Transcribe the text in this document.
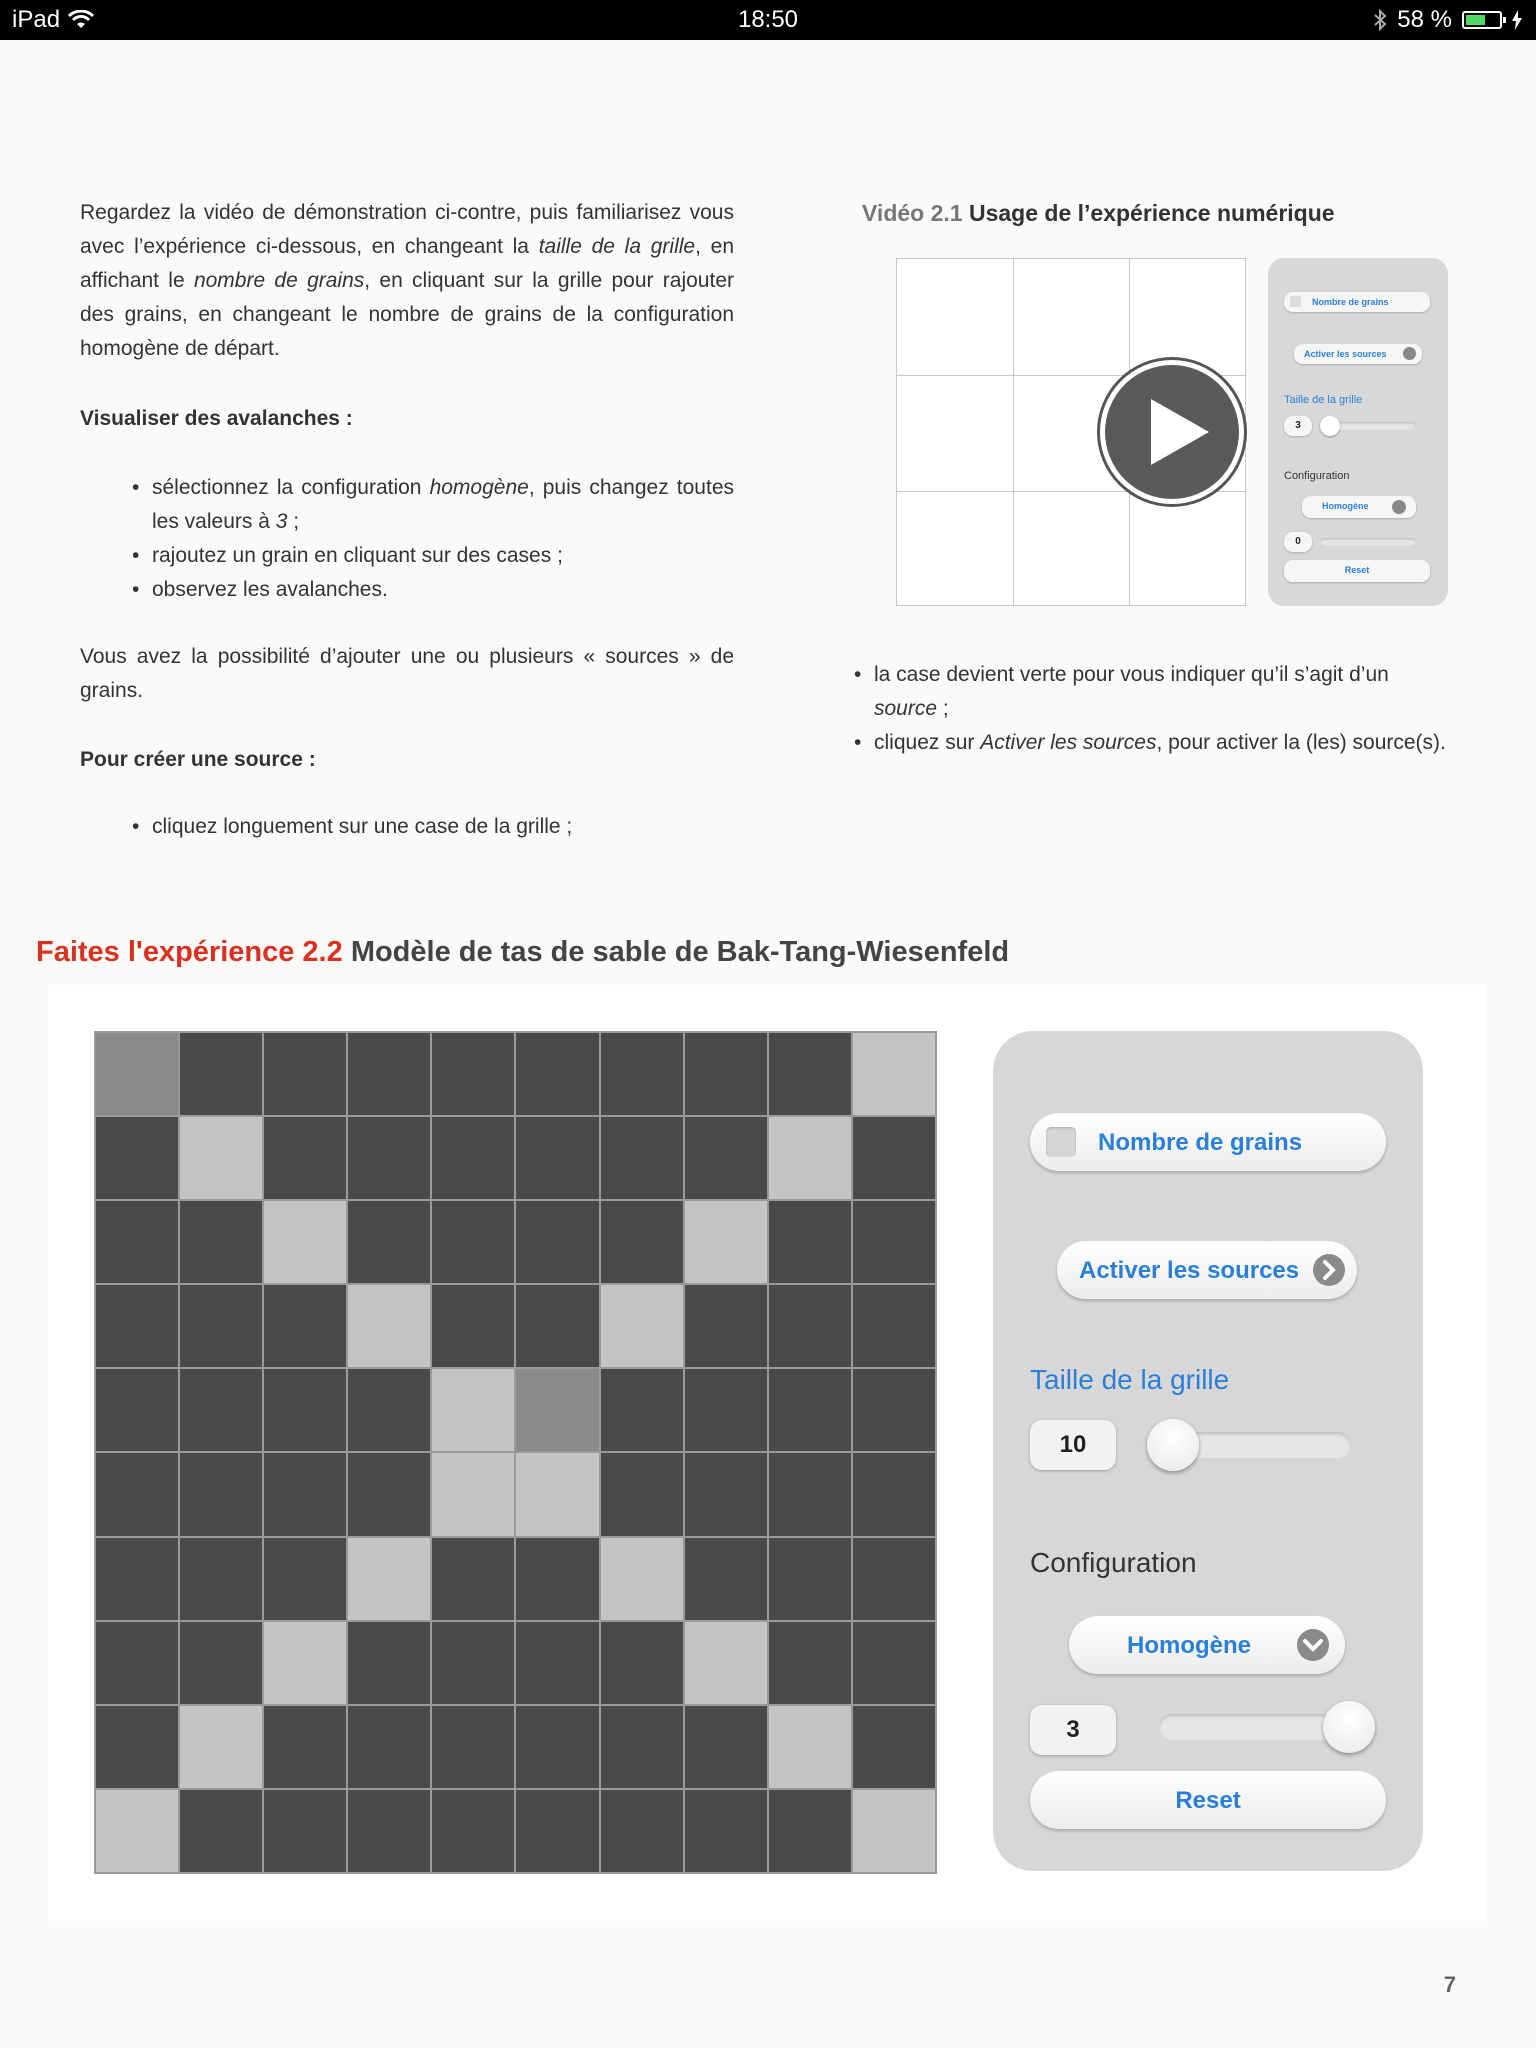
iPad	18:50	58 %
Regardez la vidéo de démonstration ci-contre, puis familiarisez vous avec l’expérience ci-dessous, en changeant la taille de la grille, en affichant le nombre de grains, en cliquant sur la grille pour rajouter des grains, en changeant le nombre de grains de la configuration homogène de départ.
Visualiser des avalanches :
• sélectionnez la configuration homogène, puis changez toutes les valeurs à 3 ;
• rajoutez un grain en cliquant sur des cases ;
• observez les avalanches.
Vous avez la possibilité d’ajouter une ou plusieurs « sources » de grains.
Pour créer une source :
• cliquez longuement sur une case de la grille ;
Vidéo 2.1 Usage de l’expérience numérique
Nombre de grains
Activer les sources
Taille de la grille
3
Configuration
Homogène
0
Reset
• la case devient verte pour vous indiquer qu’il s’agit d’un source ;
• cliquez sur Activer les sources, pour activer la (les) source(s).
Faites l'expérience 2.2 Modèle de tas de sable de Bak-Tang-Wiesenfeld
Nombre de grains
Activer les sources
Taille de la grille
10
Configuration
Homogène
3
Reset
7
